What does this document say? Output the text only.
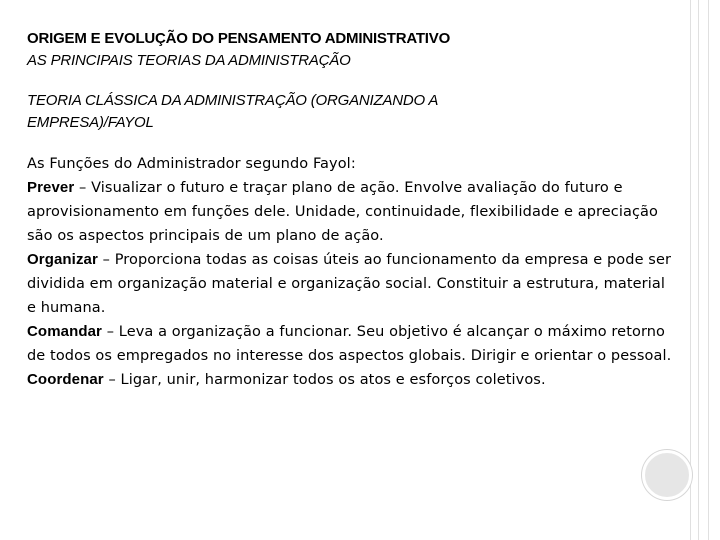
ORIGEM E EVOLUÇÃO DO PENSAMENTO ADMINISTRATIVO

AS PRINCIPAIS TEORIAS DA ADMINISTRAÇÃO

TEORIA CLÁSSICA DA ADMINISTRAÇÃO (ORGANIZANDO A

EMPRESA)/FAYOL

As Funções do Administrador segundo Fayol:

Prever – Visualizar o futuro e traçar plano de ação. Envolve avaliação do futuro e aprovisionamento em funções dele. Unidade, continuidade, flexibilidade e apreciação são os aspectos principais de um plano de ação.

Organizar – Proporciona todas as coisas úteis ao funcionamento da empresa e pode ser dividida em organização material e organização social. Constituir a estrutura, material e humana.

Comandar – Leva a organização a funcionar. Seu objetivo é alcançar o máximo retorno de todos os empregados no interesse dos aspectos globais. Dirigir e orientar o pessoal.

Coordenar – Ligar, unir, harmonizar todos os atos e esforços coletivos.
